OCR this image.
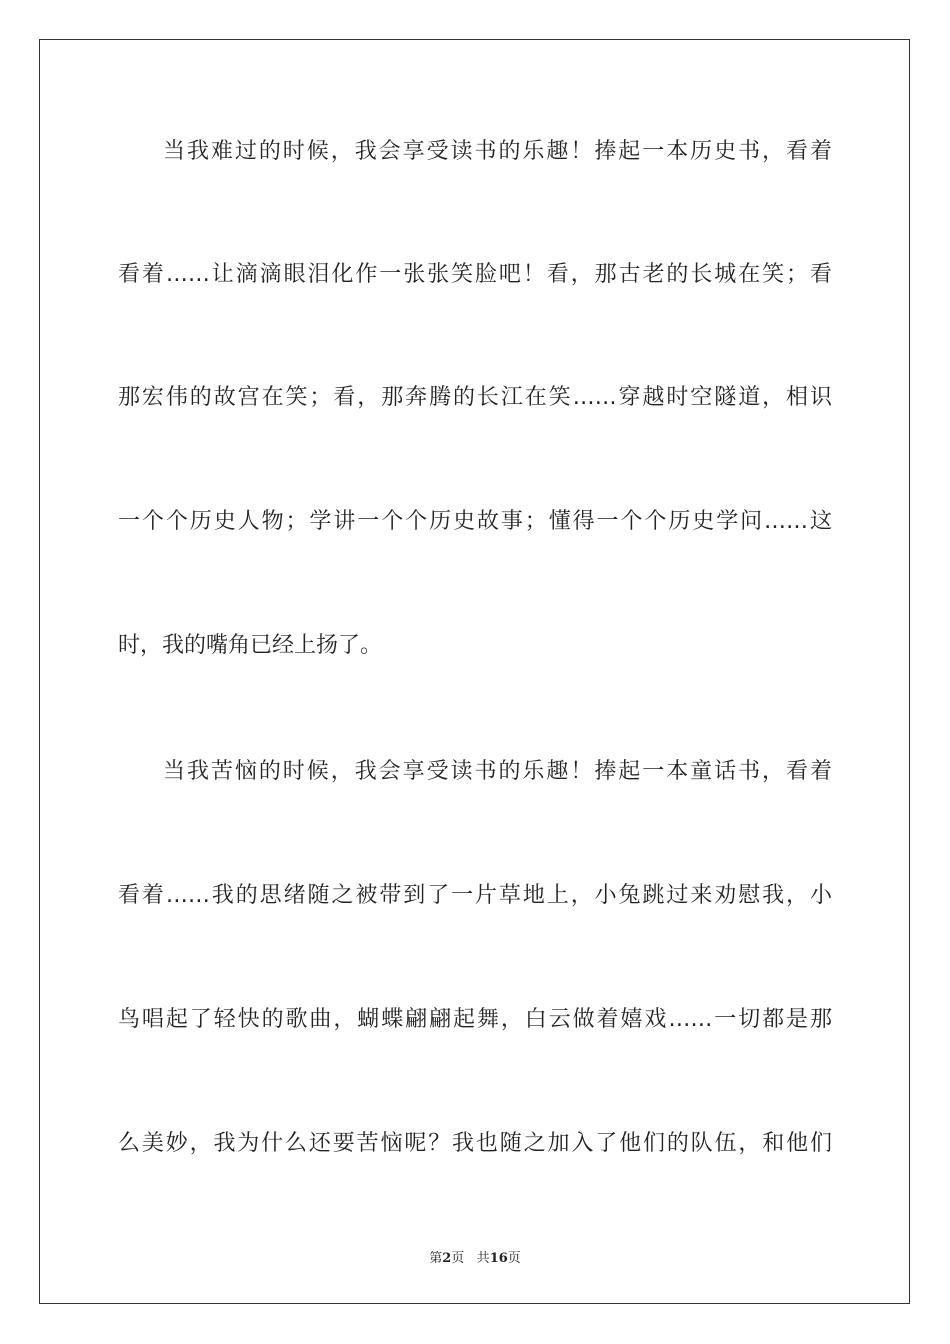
当我难过的时候，我会享受读书的乐趣！捧起一本历史书，看着
看着……让滴滴眼泪化作一张张笑脸吧！看，那古老的长城在笑；看
那宏伟的故宫在笑；看，那奔腾的长江在笑……穿越时空隧道，相识
一个个历史人物；学讲一个个历史故事；懂得一个个历史学问……这
时，我的嘴角已经上扬了。
当我苦恼的时候，我会享受读书的乐趣！捧起一本童话书，看着
看着……我的思绪随之被带到了一片草地上，小兔跳过来劝慰我，小
鸟唱起了轻快的歌曲，蝴蝶翩翩起舞，白云做着嬉戏……一切都是那
么美妙，我为什么还要苦恼呢？我也随之加入了他们的队伍，和他们
第2页 共16页
